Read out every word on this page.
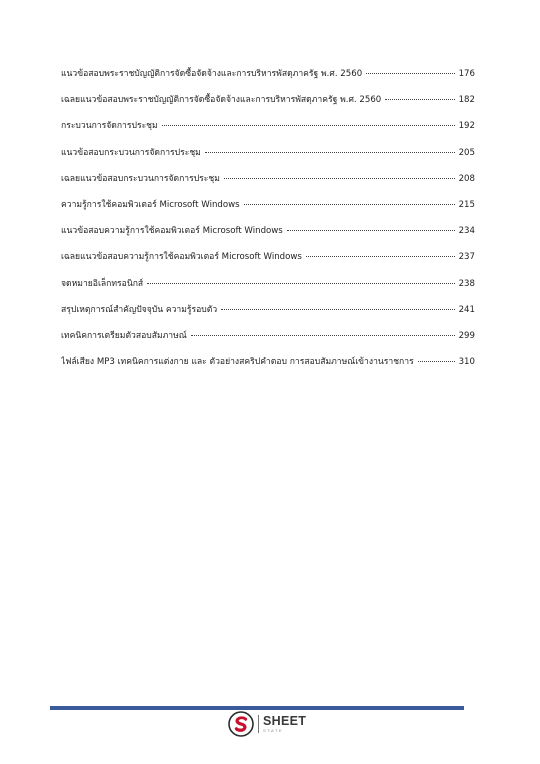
แนวข้อสอบพระราชบัญญัติการจัดซื้อจัดจ้างและการบริหารพัสดุภาครัฐ พ.ศ. 2560	176
เฉลยแนวข้อสอบพระราชบัญญัติการจัดซื้อจัดจ้างและการบริหารพัสดุภาครัฐ พ.ศ. 2560	182
กระบวนการจัดการประชุม	192
แนวข้อสอบกระบวนการจัดการประชุม	205
เฉลยแนวข้อสอบกระบวนการจัดการประชุม	208
ความรู้การใช้คอมพิวเตอร์ Microsoft Windows	215
แนวข้อสอบความรู้การใช้คอมพิวเตอร์ Microsoft Windows	234
เฉลยแนวข้อสอบความรู้การใช้คอมพิวเตอร์ Microsoft Windows	237
จดหมายอิเล็กทรอนิกส์	238
สรุปเหตุการณ์สำคัญปัจจุบัน ความรู้รอบตัว	241
เทคนิคการเตรียมตัวสอบสัมภาษณ์	299
ไฟล์เสียง MP3 เทคนิคการแต่งกาย และ ตัวอย่างสคริปคำตอบ การสอบสัมภาษณ์เข้างานราชการ	310
SHEET
STATE
